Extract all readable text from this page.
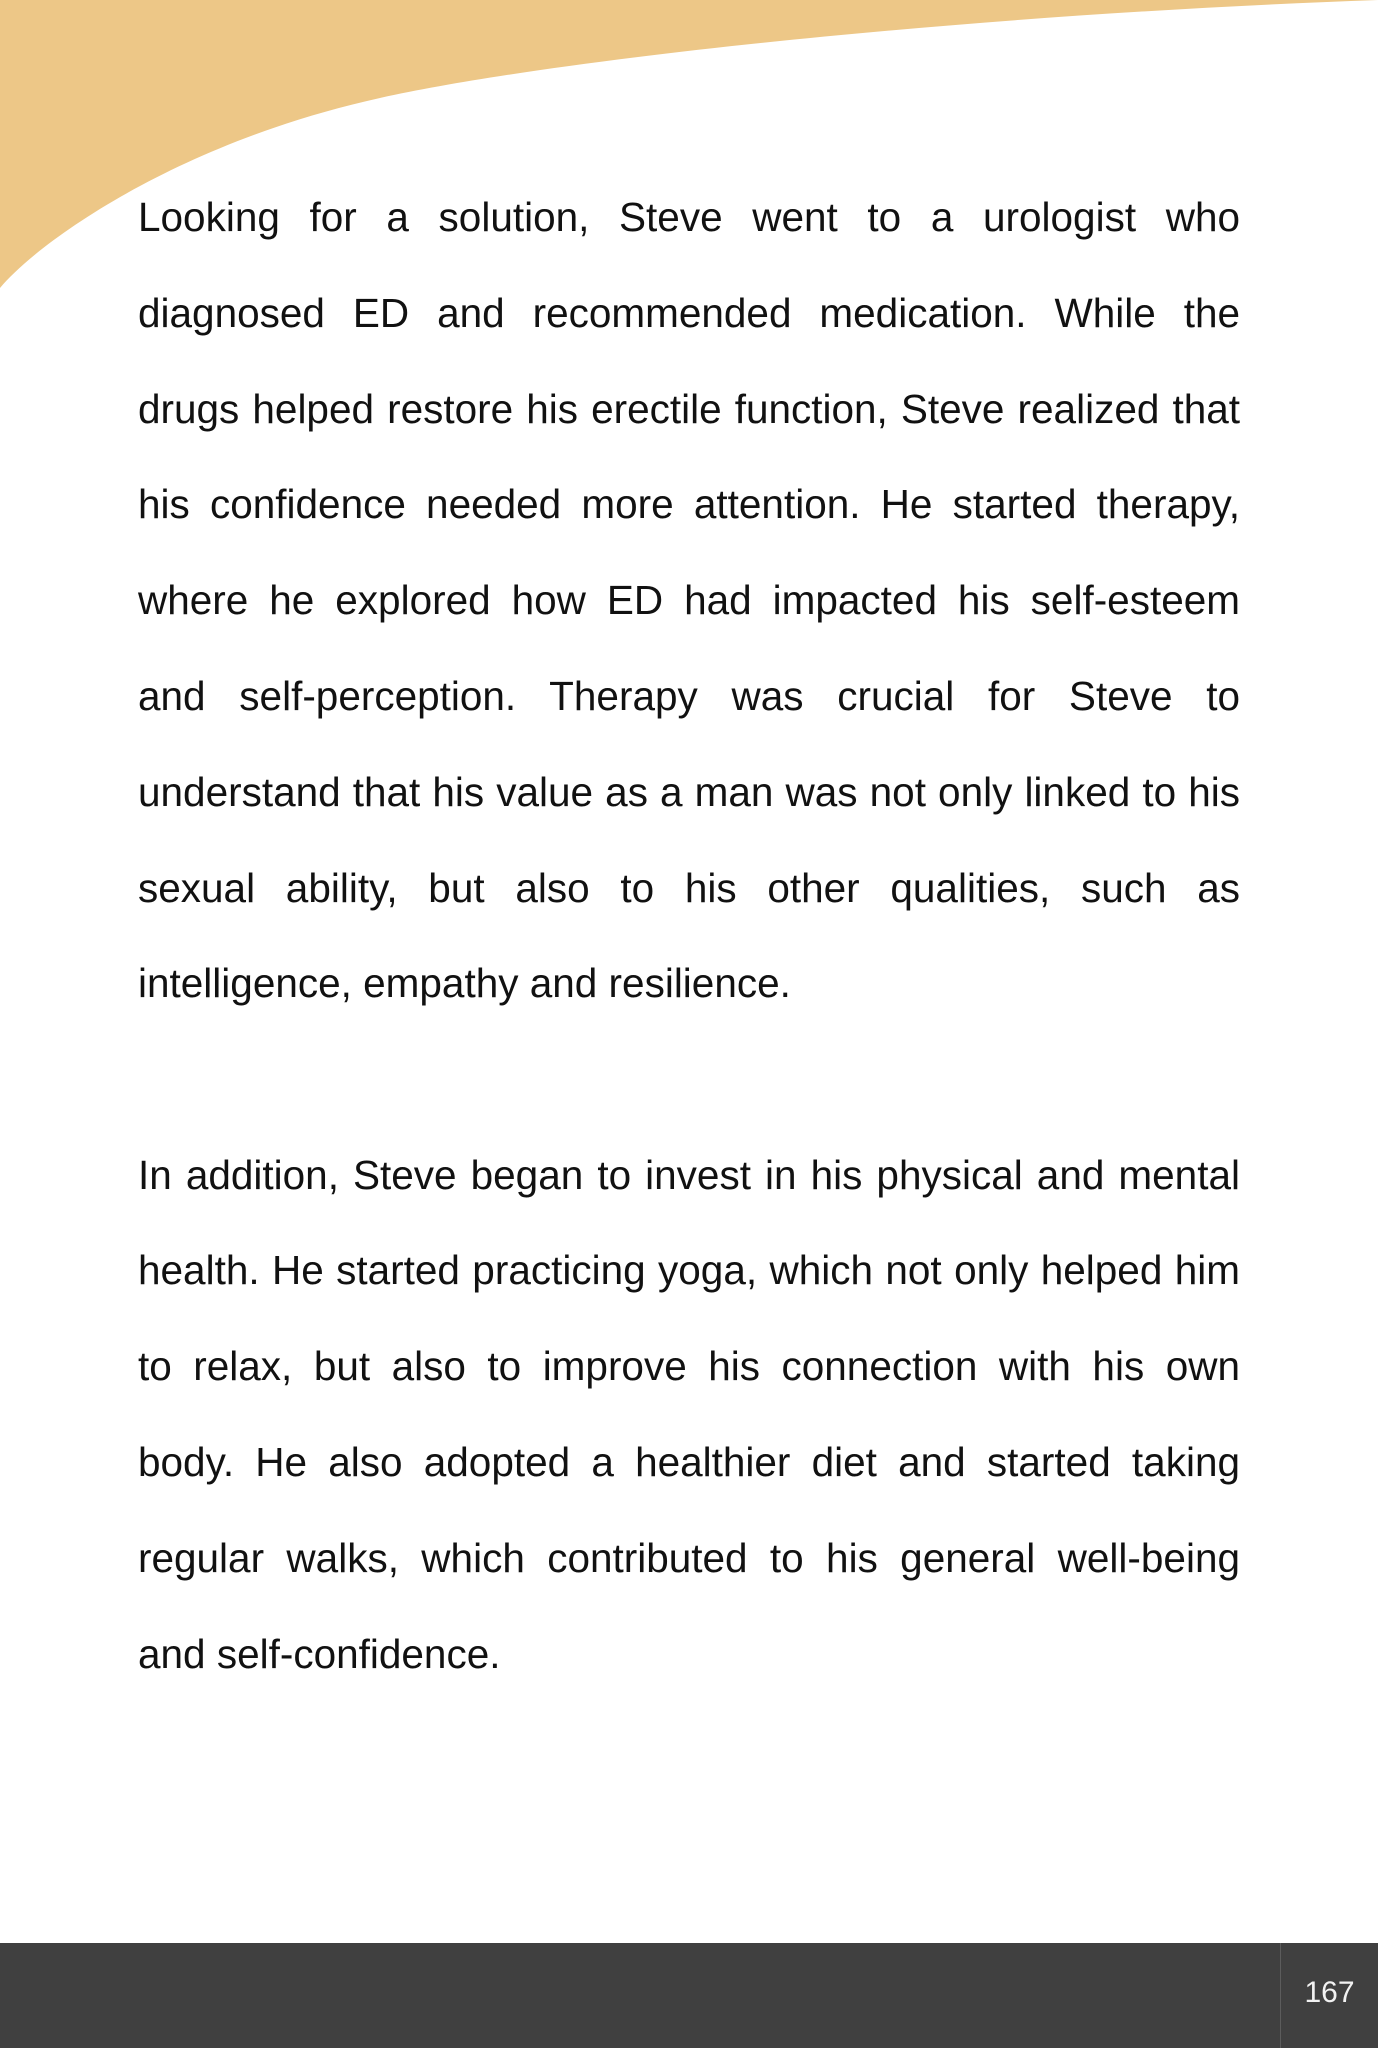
Looking for a solution, Steve went to a urologist who diagnosed ED and recommended medication. While the drugs helped restore his erectile function, Steve realized that his confidence needed more attention. He started therapy, where he explored how ED had impacted his self-esteem and self-perception. Therapy was crucial for Steve to understand that his value as a man was not only linked to his sexual ability, but also to his other qualities, such as intelligence, empathy and resilience.

In addition, Steve began to invest in his physical and mental health. He started practicing yoga, which not only helped him to relax, but also to improve his connection with his own body. He also adopted a healthier diet and started taking regular walks, which contributed to his general well-being and self-confidence.

167
